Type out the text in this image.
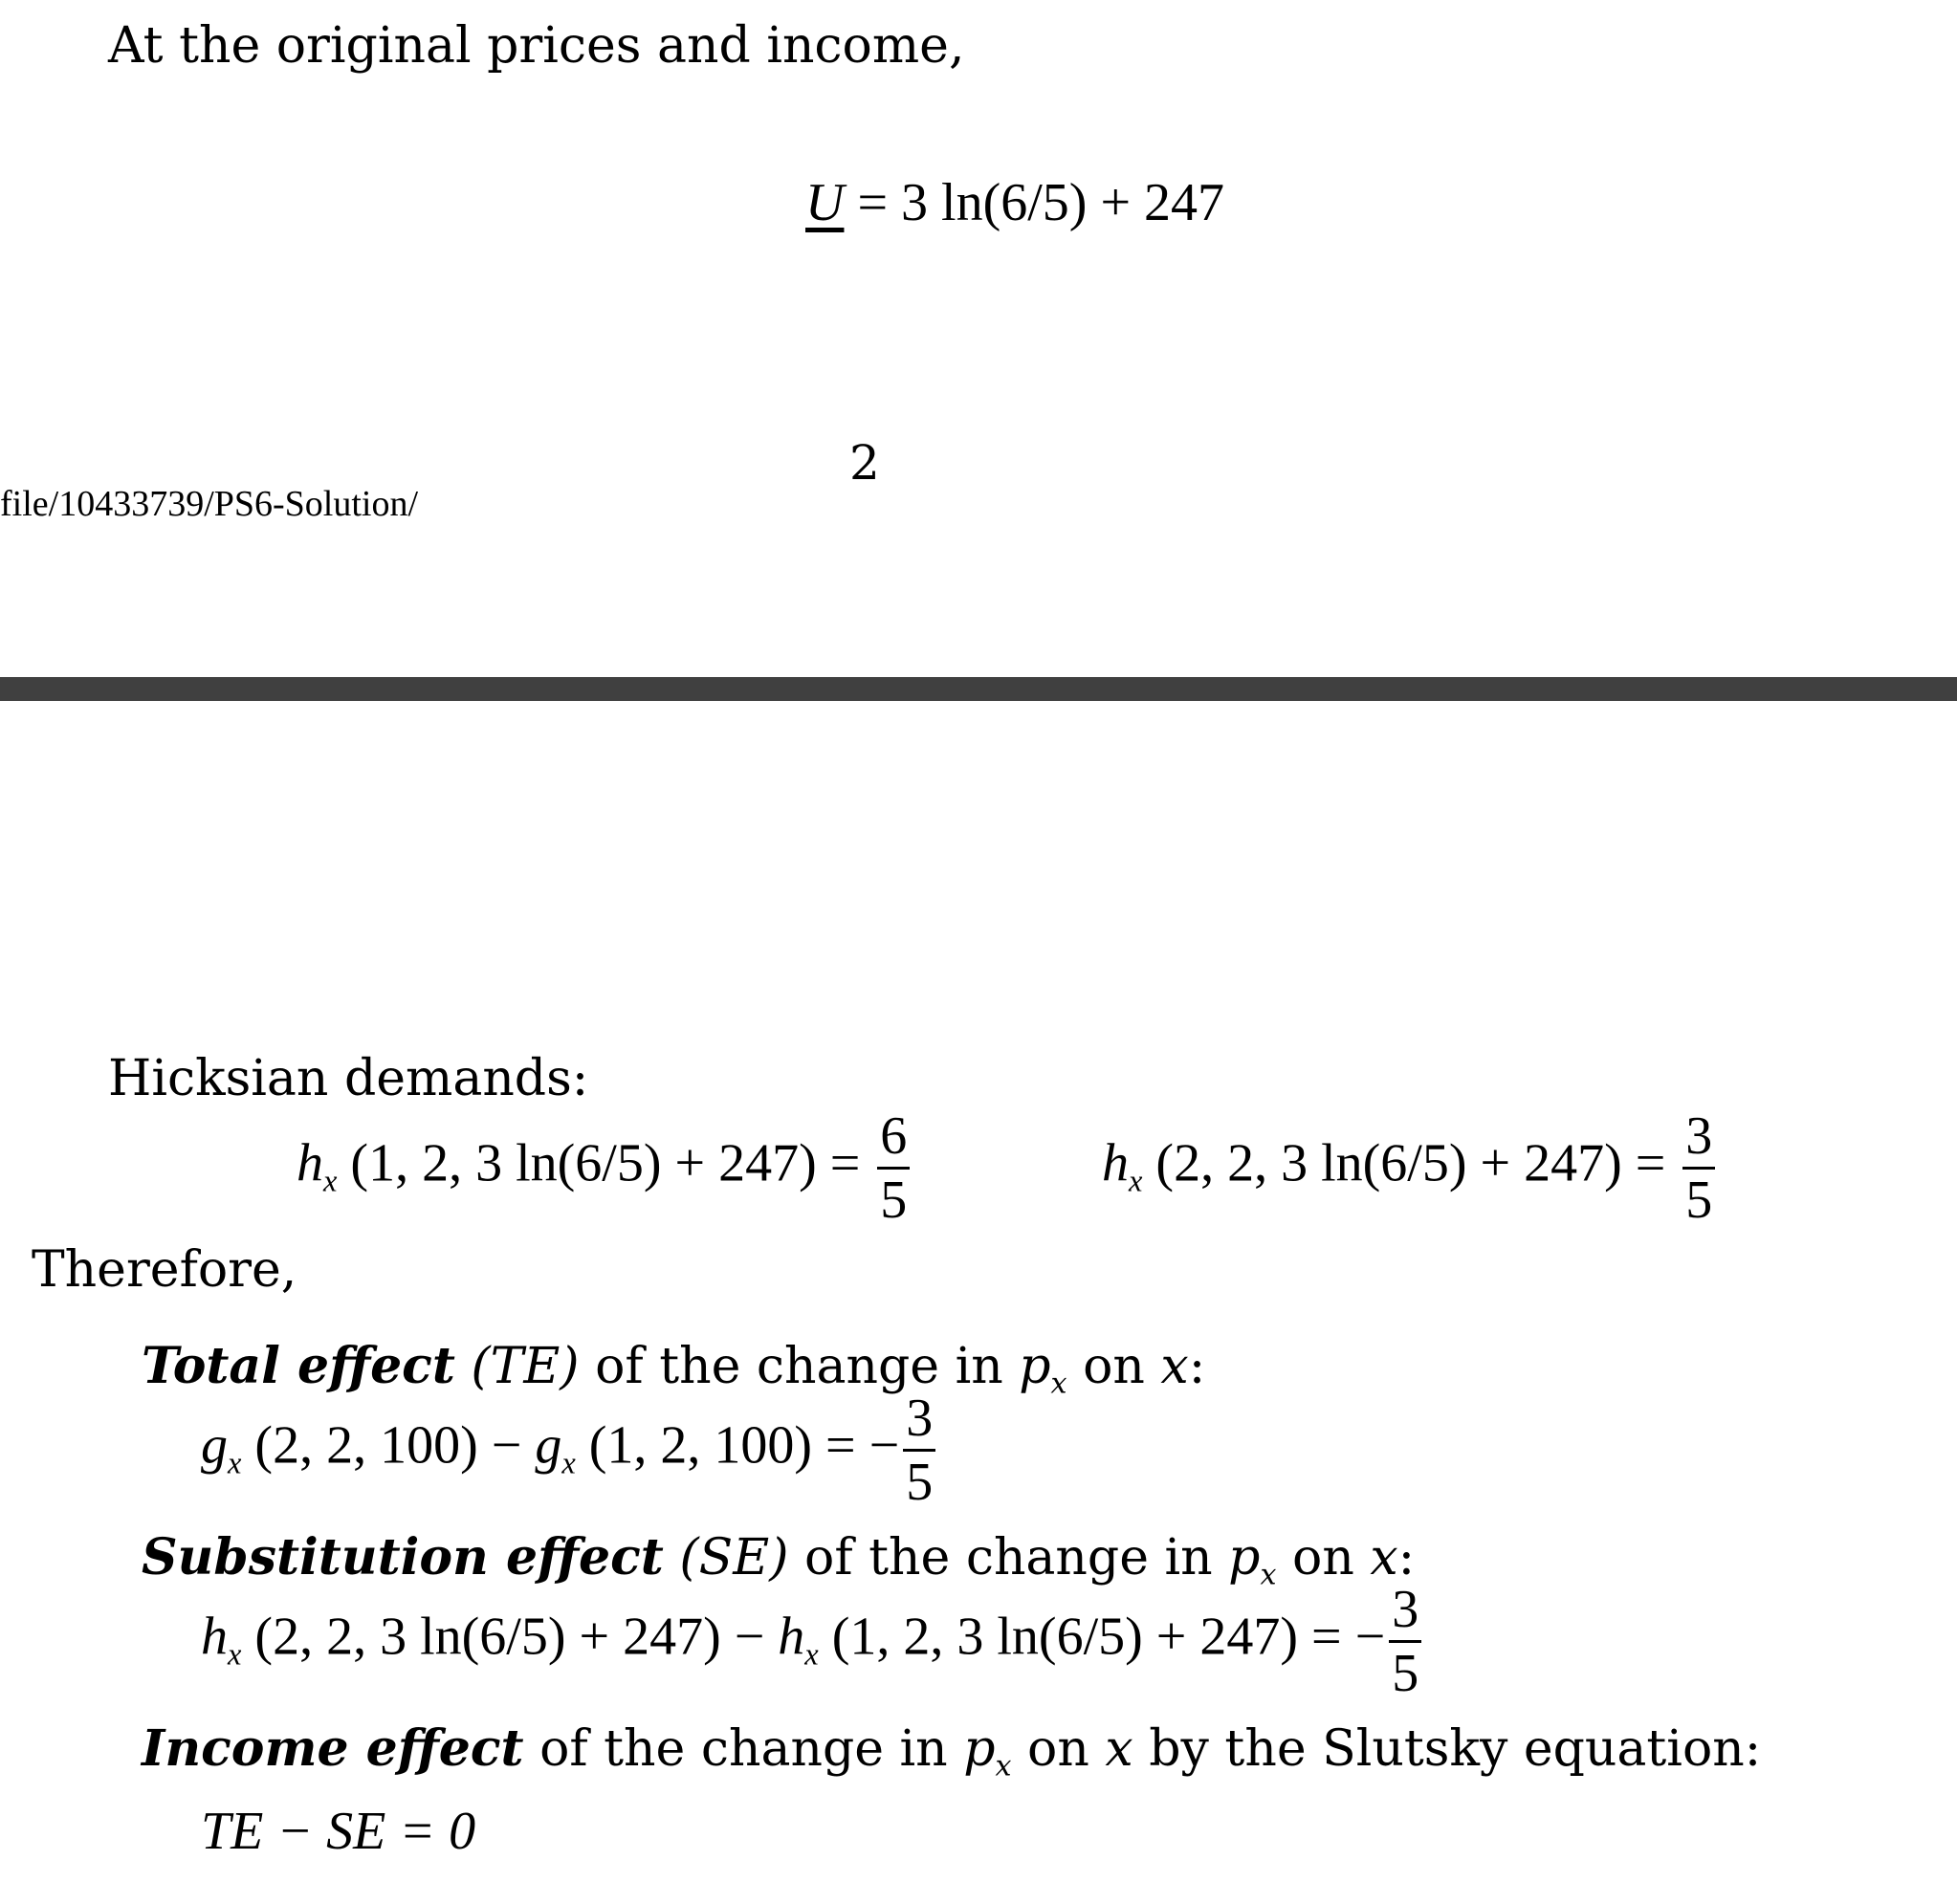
At the original prices and income,
U = 3 ln(6/5) + 247
2
file/10433739/PS6-Solution/
Hicksian demands:
$h_x$ (1, 2, 3 $\ln(6/5) + 247) = \frac{6}{5}$	$h_x$ (2, 2, 3 $\ln(6/5) + 247) = \frac{3}{5}$
Therefore,
Total effect (TE) of the change in $p_x$ on x:
$g_x$ (2, 2, $100) - g_x$ (1, 2, 100) = − $\frac{3}{5}$
Substitution effect (SE) of the change in $p_x$ on x:
$h_x$ (2, 2, 3 $\ln(6/5) + 247) - h_x$ (1, 2, 3 ln(6/5) + 247) = − $\frac{3}{5}$
Income effect of the change in $p_x$ on x by the Slutsky equation:
TE − SE = 0
